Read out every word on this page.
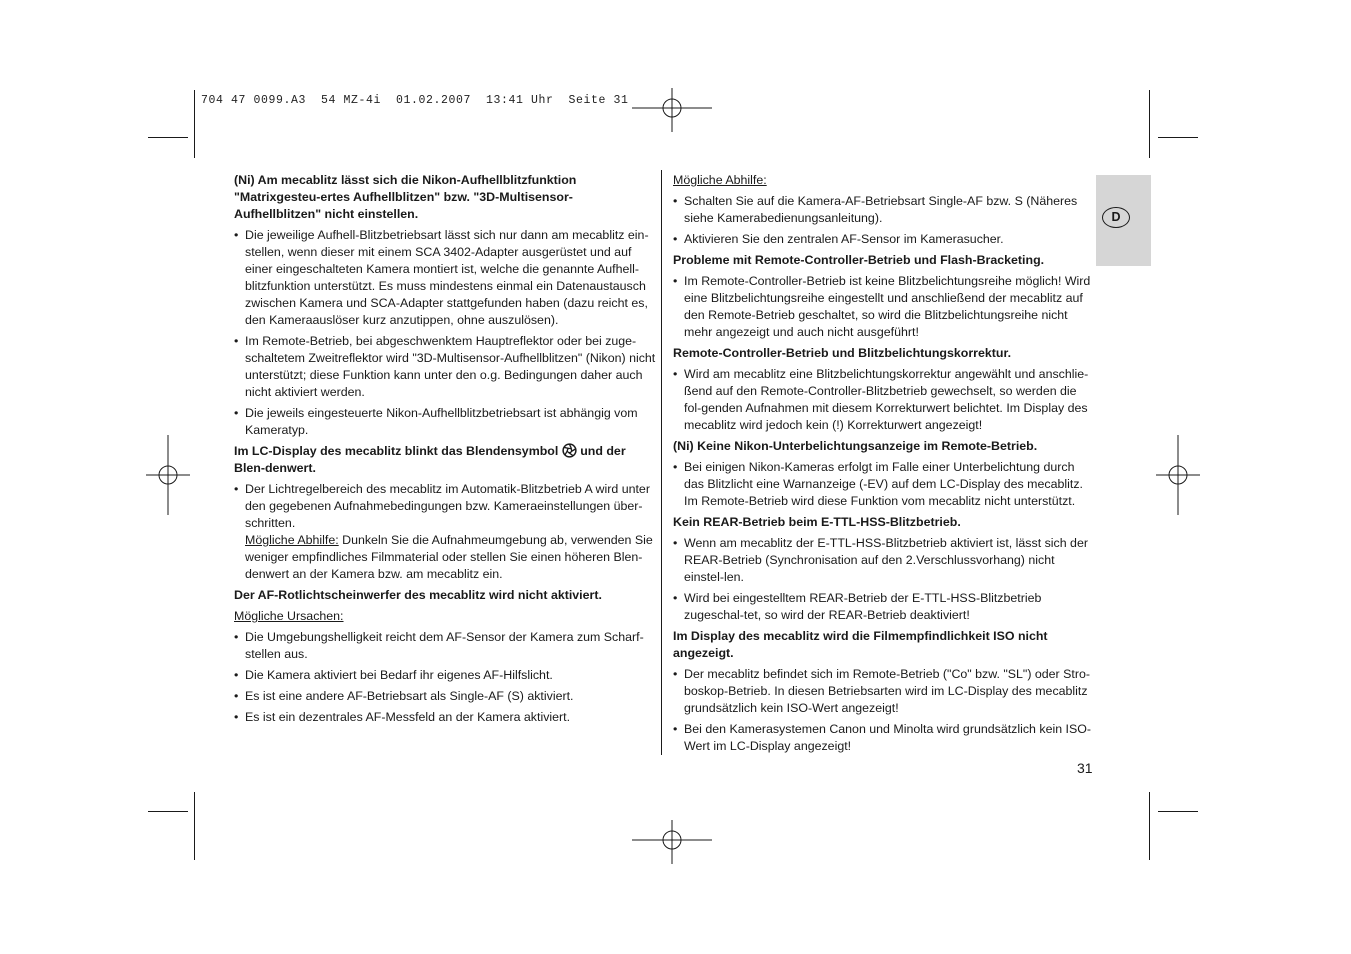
704 47 0099.A3  54 MZ-4i  01.02.2007  13:41 Uhr  Seite 31
D

(Ni) Am mecablitz lässt sich die Nikon-Aufhellblitzfunktion "Matrixgesteu-ertes Aufhellblitzen" bzw. "3D-Multisensor-Aufhellblitzen" nicht einstellen.

• Die jeweilige Aufhell-Blitzbetriebsart lässt sich nur dann am mecablitz ein-stellen, wenn dieser mit einem SCA 3402-Adapter ausgerüstet und auf einer eingeschalteten Kamera montiert ist, welche die genannte Aufhell-blitzfunktion unterstützt. Es muss mindestens einmal ein Datenaustausch zwischen Kamera und SCA-Adapter stattgefunden haben (dazu reicht es, den Kameraauslöser kurz anzutippen, ohne auszulösen).
• Im Remote-Betrieb, bei abgeschwenktem Hauptreflektor oder bei zuge-schaltetem Zweitreflektor wird "3D-Multisensor-Aufhellblitzen" (Nikon) nicht unterstützt; diese Funktion kann unter den o.g. Bedingungen daher auch nicht aktiviert werden.
• Die jeweils eingesteuerte Nikon-Aufhellblitzbetriebsart ist abhängig vom Kameratyp.

Im LC-Display des mecablitz blinkt das Blendensymbol und der Blen-denwert.

• Der Lichtregelbereich des mecablitz im Automatik-Blitzbetrieb A wird unter den gegebenen Aufnahmebedingungen bzw. Kameraeinstellungen über-schritten.

Mögliche Abhilfe: Dunkeln Sie die Aufnahmeumgebung ab, verwenden Sie weniger empfindliches Filmmaterial oder stellen Sie einen höheren Blen-denwert an der Kamera bzw. am mecablitz ein.

Der AF-Rotlichtscheinwerfer des mecablitz wird nicht aktiviert.

Mögliche Ursachen:

• Die Umgebungshelligkeit reicht dem AF-Sensor der Kamera zum Scharf-stellen aus.
• Die Kamera aktiviert bei Bedarf ihr eigenes AF-Hilfslicht.
• Es ist eine andere AF-Betriebsart als Single-AF (S) aktiviert.
• Es ist ein dezentrales AF-Messfeld an der Kamera aktiviert.

Mögliche Abhilfe:

• Schalten Sie auf die Kamera-AF-Betriebsart Single-AF bzw. S (Näheres siehe Kamerabedienungsanleitung).
• Aktivieren Sie den zentralen AF-Sensor im Kamerasucher.

Probleme mit Remote-Controller-Betrieb und Flash-Bracketing.

• Im Remote-Controller-Betrieb ist keine Blitzbelichtungsreihe möglich! Wird eine Blitzbelichtungsreihe eingestellt und anschließend der mecablitz auf den Remote-Betrieb geschaltet, so wird die Blitzbelichtungsreihe nicht mehr angezeigt und auch nicht ausgeführt!

Remote-Controller-Betrieb und Blitzbelichtungskorrektur.

• Wird am mecablitz eine Blitzbelichtungskorrektur angewählt und anschlie-ßend auf den Remote-Controller-Blitzbetrieb gewechselt, so werden die fol-genden Aufnahmen mit diesem Korrekturwert belichtet. Im Display des mecablitz wird jedoch kein (!) Korrekturwert angezeigt!

(Ni) Keine Nikon-Unterbelichtungsanzeige im Remote-Betrieb.

• Bei einigen Nikon-Kameras erfolgt im Falle einer Unterbelichtung durch das Blitzlicht eine Warnanzeige (-EV) auf dem LC-Display des mecablitz. Im Remote-Betrieb wird diese Funktion vom mecablitz nicht unterstützt.

Kein REAR-Betrieb beim E-TTL-HSS-Blitzbetrieb.

• Wenn am mecablitz der E-TTL-HSS-Blitzbetrieb aktiviert ist, lässt sich der REAR-Betrieb (Synchronisation auf den 2.Verschlussvorhang) nicht einstel-len.
• Wird bei eingestelltem REAR-Betrieb der E-TTL-HSS-Blitzbetrieb zugeschal-tet, so wird der REAR-Betrieb deaktiviert!

Im Display des mecablitz wird die Filmempfindlichkeit ISO nicht angezeigt.

• Der mecablitz befindet sich im Remote-Betrieb ("Co" bzw. "SL") oder Stro-boskop-Betrieb. In diesen Betriebsarten wird im LC-Display des mecablitz grundsätzlich kein ISO-Wert angezeigt!
• Bei den Kamerasystemen Canon und Minolta wird grundsätzlich kein ISO-Wert im LC-Display angezeigt!
31
